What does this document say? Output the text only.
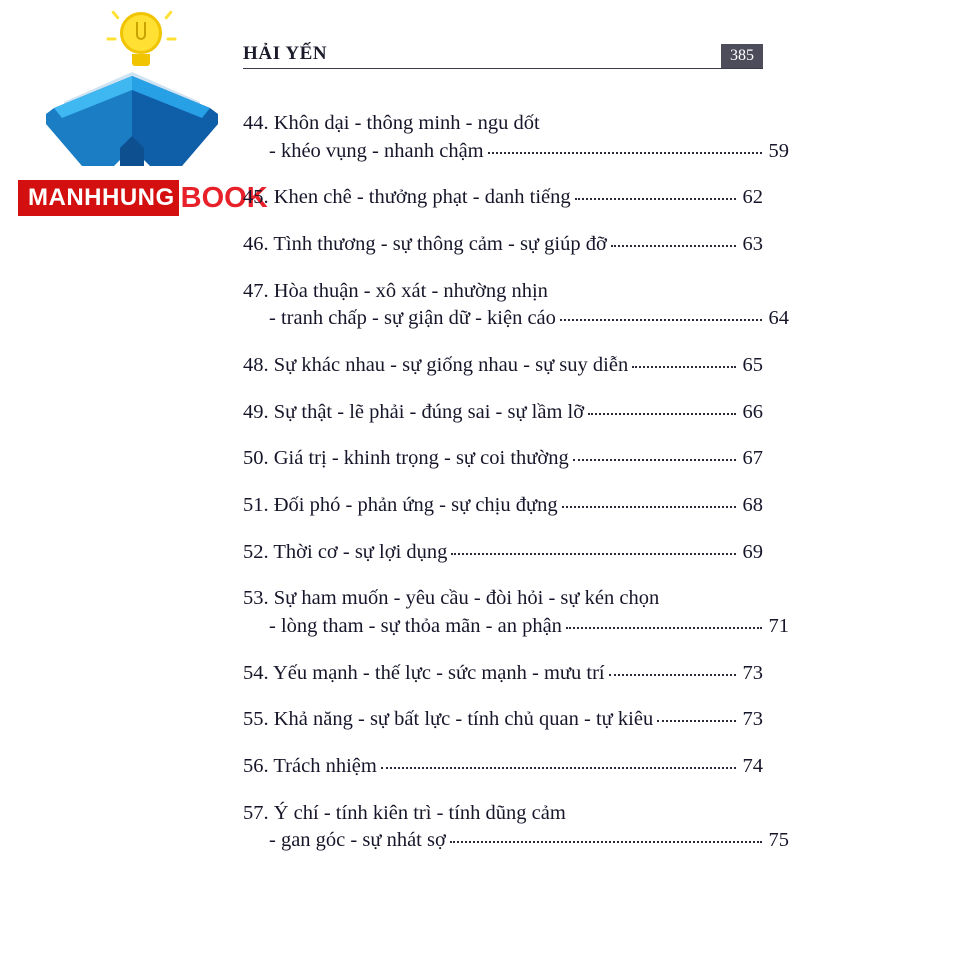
MANHHUNG BOOK
HẢI YẾN	385
44. Khôn dại - thông minh - ngu dốt
- khéo vụng - nhanh chậm	59
45. Khen chê - thưởng phạt - danh tiếng	62
46. Tình thương - sự thông cảm - sự giúp đỡ	63
47. Hòa thuận - xô xát - nhường nhịn
- tranh chấp - sự giận dữ - kiện cáo	64
48. Sự khác nhau - sự giống nhau - sự suy diễn	65
49. Sự thật - lẽ phải - đúng sai - sự lầm lỡ	66
50. Giá trị - khinh trọng - sự coi thường	67
51. Đối phó - phản ứng - sự chịu đựng	68
52. Thời cơ - sự lợi dụng	69
53. Sự ham muốn - yêu cầu - đòi hỏi - sự kén chọn
- lòng tham - sự thỏa mãn - an phận	71
54. Yếu mạnh - thế lực - sức mạnh - mưu trí	73
55. Khả năng - sự bất lực - tính chủ quan - tự kiêu	73
56. Trách nhiệm	74
57. Ý chí - tính kiên trì - tính dũng cảm
- gan góc - sự nhát sợ	75
